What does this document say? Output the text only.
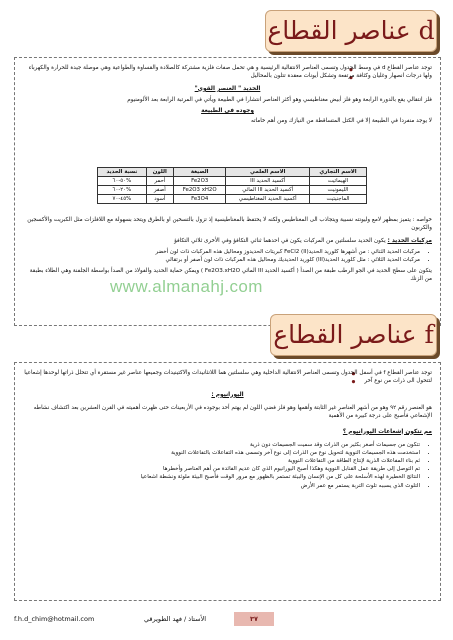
عناصر القطاع d :

توجد عناصر القطاع d في وسط الجدول وتسمى العناصر الانتقالية الرئيسية و هي تحمل صفات فلزية مشتركة كالصلادة والقساوة والطواعية وهي موصلة جيدة للحرارة والكهرباء ولها درجات انصهار وغليان وكثافة مرتفعة وتشكل أيونات معقدة تتلون بالمحاليل

الحديد " العنصر القوي"

فلز انتقالي يقع بالدورة الرابعة وهو فلز أبيض مغناطيسي وهو أكثر العناصر انتشارا في الطبيعة ويأتي في المرتبة الرابعة بعد الألومنيوم

وجوده في الطبيعة

لا يوجد منفردا في الطبيعة إلا في الكتل المتساقطة من النيازك ومن أهم خاماته

الاسم التجاري	الاسم العلمي	الصيغة	اللون	نسبة الحديد
الهيماتيت	أكسيد الحديد III	Fe2O3	أحمر	%٥٠-٦٠
الليمونيت	أكسيد الحديد III المائي	Fe2O3 xH2O	أصفر	%٢٠-٦٠
الماجنيتيت	أكسيد الحديد المغناطيسي	Fe3O4	أسود	%٤٥-٧٠

خواصه : يتميز بمظهر لامع وليونته نسبية ويتجاذب الى المغناطيس ولكنه لا يحتفظ بالمغناطيسية إذ تزول بالتسخين او بالطرق ويتحد بسهولة مع اللافلزات مثل الكبريت والأكسجين والكربون

مركبات الحديد : يكون الحديد سلسلتين من المركبات يكون في احدهما ثنائي التكافؤ وفي الأخرى ثلاثي التكافؤ

• مركبات الحديد الثنائي : من أشهرها كلوريد الحديد(II) FeCl2 كبريتات الحديدوز ومحاليل هذه المركبات ذات لون أخضر
• مركبات الحديد الثلاثي : مثل كلوريد الحديد(III) كلوريد الحديديك ومحاليل هذه المركبات ذات لون أصفر أو برتقالي

يتكون على سطح الحديد في الجو الرطب طبقة من الصدأ ( أكسيد الحديد III المائي Fe2O3.xH2O ) ويمكن حماية الحديد والفولاذ من الصدأ بواسطة الجلفنة وهي الطلاء بطبقة من الزنك

www.almanahj.com
عناصر القطاع f :

توجد عناصر القطاع f في أسفل الجدول وتسمى العناصر الانتقالية الداخلية وهي سلسلتين هما اللانثانيدات والاكتينيدات وجميعها عناصر غير مستقرة أي تتحلل ذراتها لوحدها إشعاعيا لتتحول الى ذرات من نوع آخر

اليورانيوم :

هو العنصر رقم ٩٢ وهو من أشهر العناصر غير الثابتة وأهمها وهو فلز فضي اللون لم يهتم أحد بوجوده في الأربعينات حتى ظهرت أهميته في القرن العشرين بعد اكتشاف نشاطه الإشعاعي فأصبح على درجة كبيرة من الأهمية

مم تتكون إشعاعات اليورانيوم ؟

• تتكون من جسيمات أصغر بكثير من الذرات وقد سميت الجسيمات دون ذرية
• استخدمت هذه الجسيمات النووية لتحويل نوع من الذرات إلى نوع آخر وتسمى هذه التفاعلات بالتفاعلات النووية
• ثم بناء المفاعلات الذرية لإنتاج الطاقة من التفاعلات النووية
• تم التوصل إلى طريقة عمل القنابل النووية وهكذا أصبح اليورانيوم الذي كان عديم الفائدة من أهم العناصر وأخطرها
• النتائج الخطيرة لهذه الأسلحة على كل من الإنسان والبيئة تستمر بالظهور مع مرور الوقت فأصبح البيئة ملوثة ونشطة اشعاعيا
• التلوث الذي يسببه تلوث التربة يستمر مع عمر الأرض
f.h.d_chim@hotmail.com	٣٧
الأستاذ / فهد الطويرقي
